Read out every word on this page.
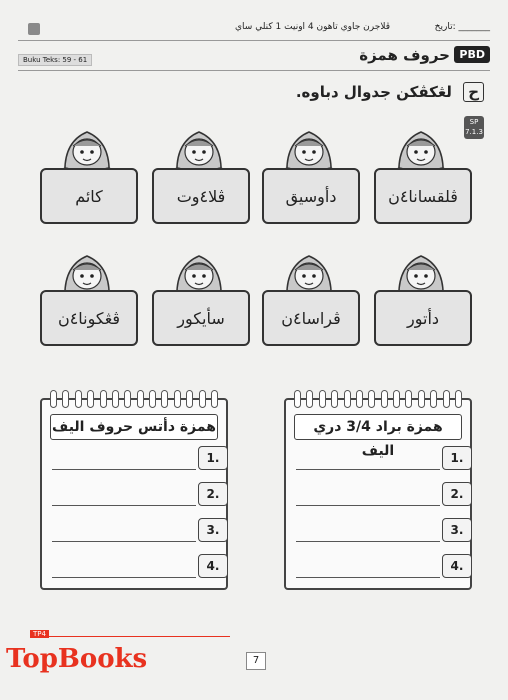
ڤلاجرن جاوي تاهون 4 اونيت 1 كنلي ساي	تاريخ: _______
Buku Teks: 59 - 61	حروف همزة PBD
ح لڠكڤكن جدوال دباوه.
SP
7.1.3
ڤلقسانا٤ن
دأوسيق
ڤلا٤وت
كائم
دأتور
ڤراسا٤ن
سأيكور
ڤڠكونا٤ن
همزة دأتس حروف اليف
1.
2.
3.
4.
همزة براد 3/4 دري اليف	1.
2.
3.
4.
TP4
TopBooks	7
